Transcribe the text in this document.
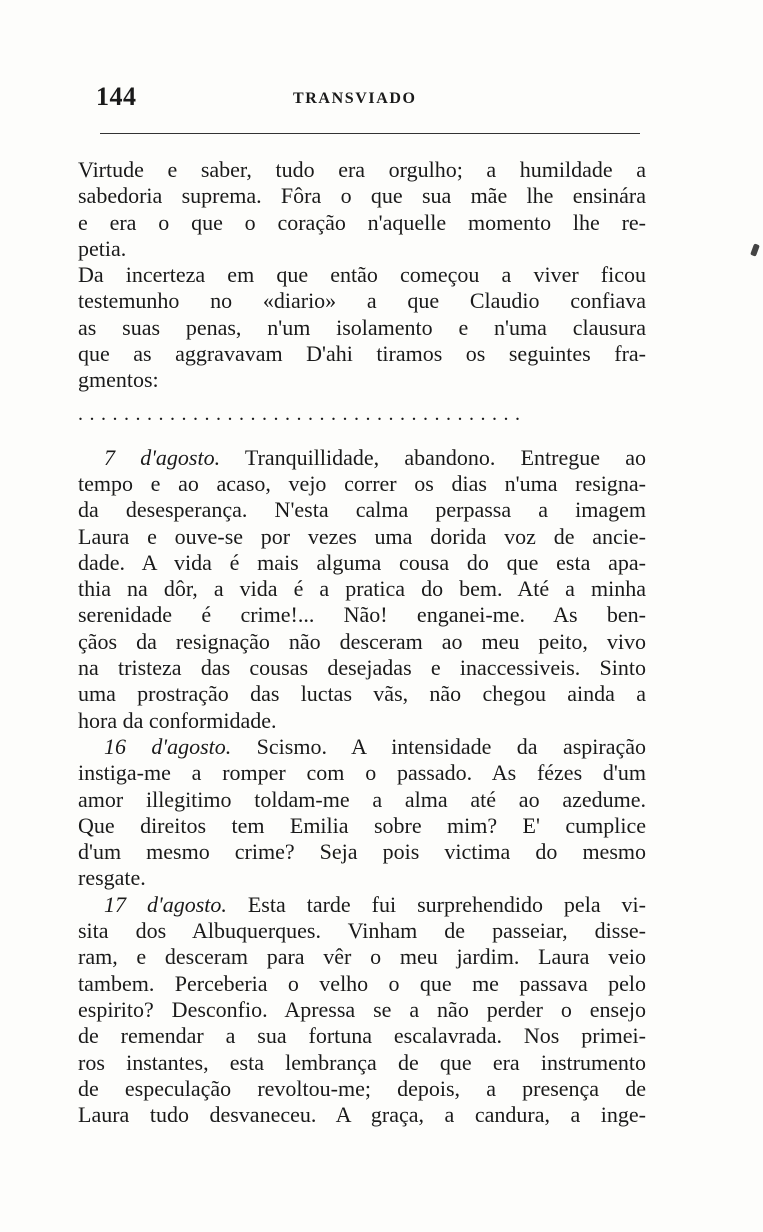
144	TRANSVIADO
Virtude e saber, tudo era orgulho; a humildade a
sabedoria suprema. Fôra o que sua mãe lhe ensinára
e era o que o coração n'aquelle momento lhe re-
petia.
Da incerteza em que então começou a viver ficou
testemunho no «diario» a que Claudio confiava
as suas penas, n'um isolamento e n'uma clausura
que as aggravavam D'ahi tiramos os seguintes fra-
gmentos:
.......................................
7 d'agosto. Tranquillidade, abandono. Entregue ao
tempo e ao acaso, vejo correr os dias n'uma resigna-
da desesperança. N'esta calma perpassa a imagem
Laura e ouve-se por vezes uma dorida voz de ancie-
dade. A vida é mais alguma cousa do que esta apa-
thia na dôr, a vida é a pratica do bem. Até a minha
serenidade é crime!... Não! enganei-me. As ben-
çãos da resignação não desceram ao meu peito, vivo
na tristeza das cousas desejadas e inaccessiveis. Sinto
uma prostração das luctas vãs, não chegou ainda a
hora da conformidade.
16 d'agosto. Scismo. A intensidade da aspiração
instiga-me a romper com o passado. As fézes d'um
amor illegitimo toldam-me a alma até ao azedume.
Que direitos tem Emilia sobre mim? E' cumplice
d'um mesmo crime? Seja pois victima do mesmo
resgate.
17 d'agosto. Esta tarde fui surprehendido pela vi-
sita dos Albuquerques. Vinham de passeiar, disse-
ram, e desceram para vêr o meu jardim. Laura veio
tambem. Perceberia o velho o que me passava pelo
espirito? Desconfio. Apressa se a não perder o ensejo
de remendar a sua fortuna escalavrada. Nos primei-
ros instantes, esta lembrança de que era instrumento
de especulação revoltou-me; depois, a presença de
Laura tudo desvaneceu. A graça, a candura, a inge-
